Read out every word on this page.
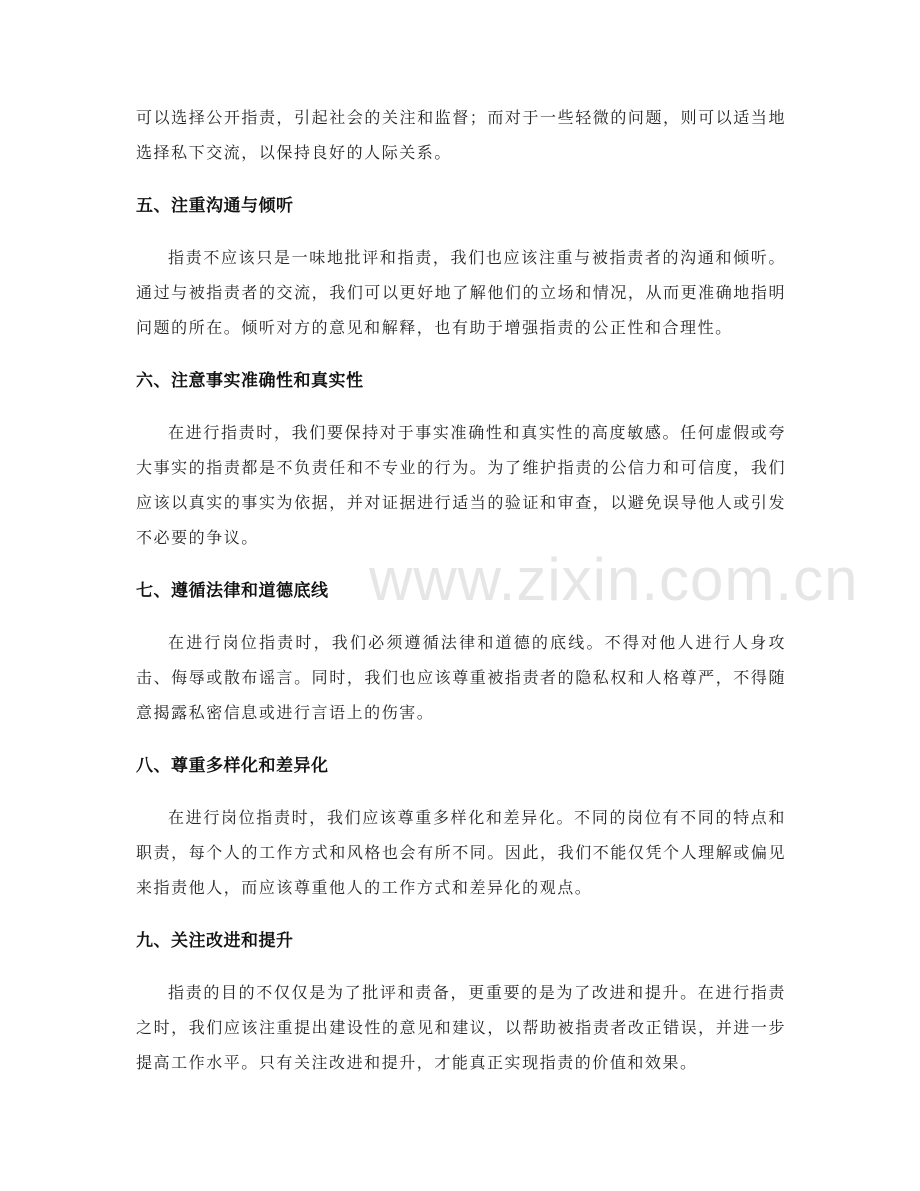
www.zixin.com.cn

可以选择公开指责，引起社会的关注和监督；而对于一些轻微的问题，则可以适当地选择私下交流，以保持良好的人际关系。

五、注重沟通与倾听

指责不应该只是一味地批评和指责，我们也应该注重与被指责者的沟通和倾听。通过与被指责者的交流，我们可以更好地了解他们的立场和情况，从而更准确地指明问题的所在。倾听对方的意见和解释，也有助于增强指责的公正性和合理性。

六、注意事实准确性和真实性

在进行指责时，我们要保持对于事实准确性和真实性的高度敏感。任何虚假或夸大事实的指责都是不负责任和不专业的行为。为了维护指责的公信力和可信度，我们应该以真实的事实为依据，并对证据进行适当的验证和审查，以避免误导他人或引发不必要的争议。

七、遵循法律和道德底线

在进行岗位指责时，我们必须遵循法律和道德的底线。不得对他人进行人身攻击、侮辱或散布谣言。同时，我们也应该尊重被指责者的隐私权和人格尊严，不得随意揭露私密信息或进行言语上的伤害。

八、尊重多样化和差异化

在进行岗位指责时，我们应该尊重多样化和差异化。不同的岗位有不同的特点和职责，每个人的工作方式和风格也会有所不同。因此，我们不能仅凭个人理解或偏见来指责他人，而应该尊重他人的工作方式和差异化的观点。

九、关注改进和提升

指责的目的不仅仅是为了批评和责备，更重要的是为了改进和提升。在进行指责之时，我们应该注重提出建设性的意见和建议，以帮助被指责者改正错误，并进一步提高工作水平。只有关注改进和提升，才能真正实现指责的价值和效果。
